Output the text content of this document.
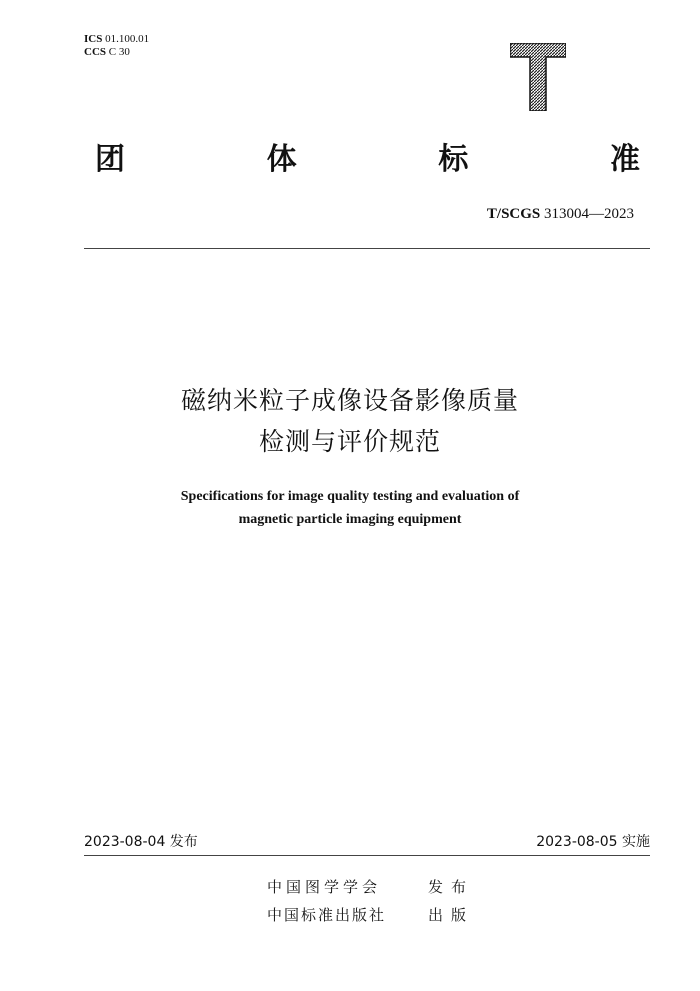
ICS 01.100.01
CCS C 30
团	体	标	准
T/SCGS 313004—2023
磁纳米粒子成像设备影像质量
检测与评价规范
Specifications for image quality testing and evaluation of
magnetic particle imaging equipment
2023-08-04 发布	2023-08-05 实施
中国图学学会	发布
中国标准出版社	出版
